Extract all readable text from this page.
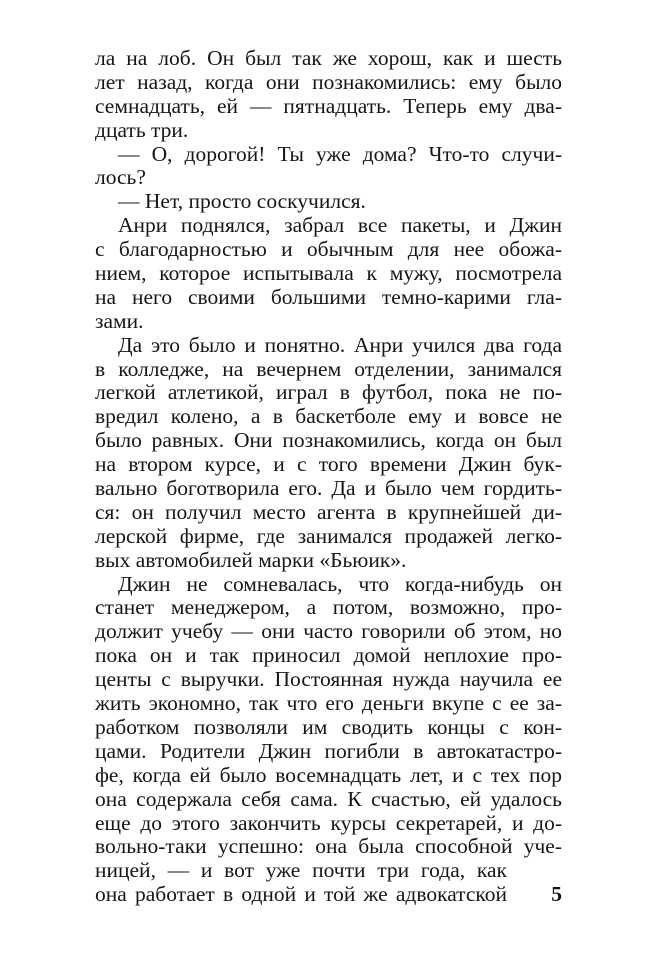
ла на лоб. Он был так же хорош, как и шесть
лет назад, когда они познакомились: ему было
семнадцать, ей — пятнадцать. Теперь ему два-
дцать три.
— О, дорогой! Ты уже дома? Что-то случи-
лось?
— Нет, просто соскучился.
Анри поднялся, забрал все пакеты, и Джин
с благодарностью и обычным для нее обожа-
нием, которое испытывала к мужу, посмотрела
на него своими большими темно-карими гла-
зами.
Да это было и понятно. Анри учился два года
в колледже, на вечернем отделении, занимался
легкой атлетикой, играл в футбол, пока не по-
вредил колено, а в баскетболе ему и вовсе не
было равных. Они познакомились, когда он был
на втором курсе, и с того времени Джин бук-
вально боготворила его. Да и было чем гордить-
ся: он получил место агента в крупнейшей ди-
лерской фирме, где занимался продажей легко-
вых автомобилей марки «Бьюик».
Джин не сомневалась, что когда-нибудь он
станет менеджером, а потом, возможно, про-
должит учебу — они часто говорили об этом, но
пока он и так приносил домой неплохие про-
центы с выручки. Постоянная нужда научила ее
жить экономно, так что его деньги вкупе с ее за-
работком позволяли им сводить концы с кон-
цами. Родители Джин погибли в автокатастро-
фе, когда ей было восемнадцать лет, и с тех пор
она содержала себя сама. К счастью, ей удалось
еще до этого закончить курсы секретарей, и до-
вольно-таки успешно: она была способной уче-
ницей, — и вот уже почти три года, как
она работает в одной и той же адвокатской 5
